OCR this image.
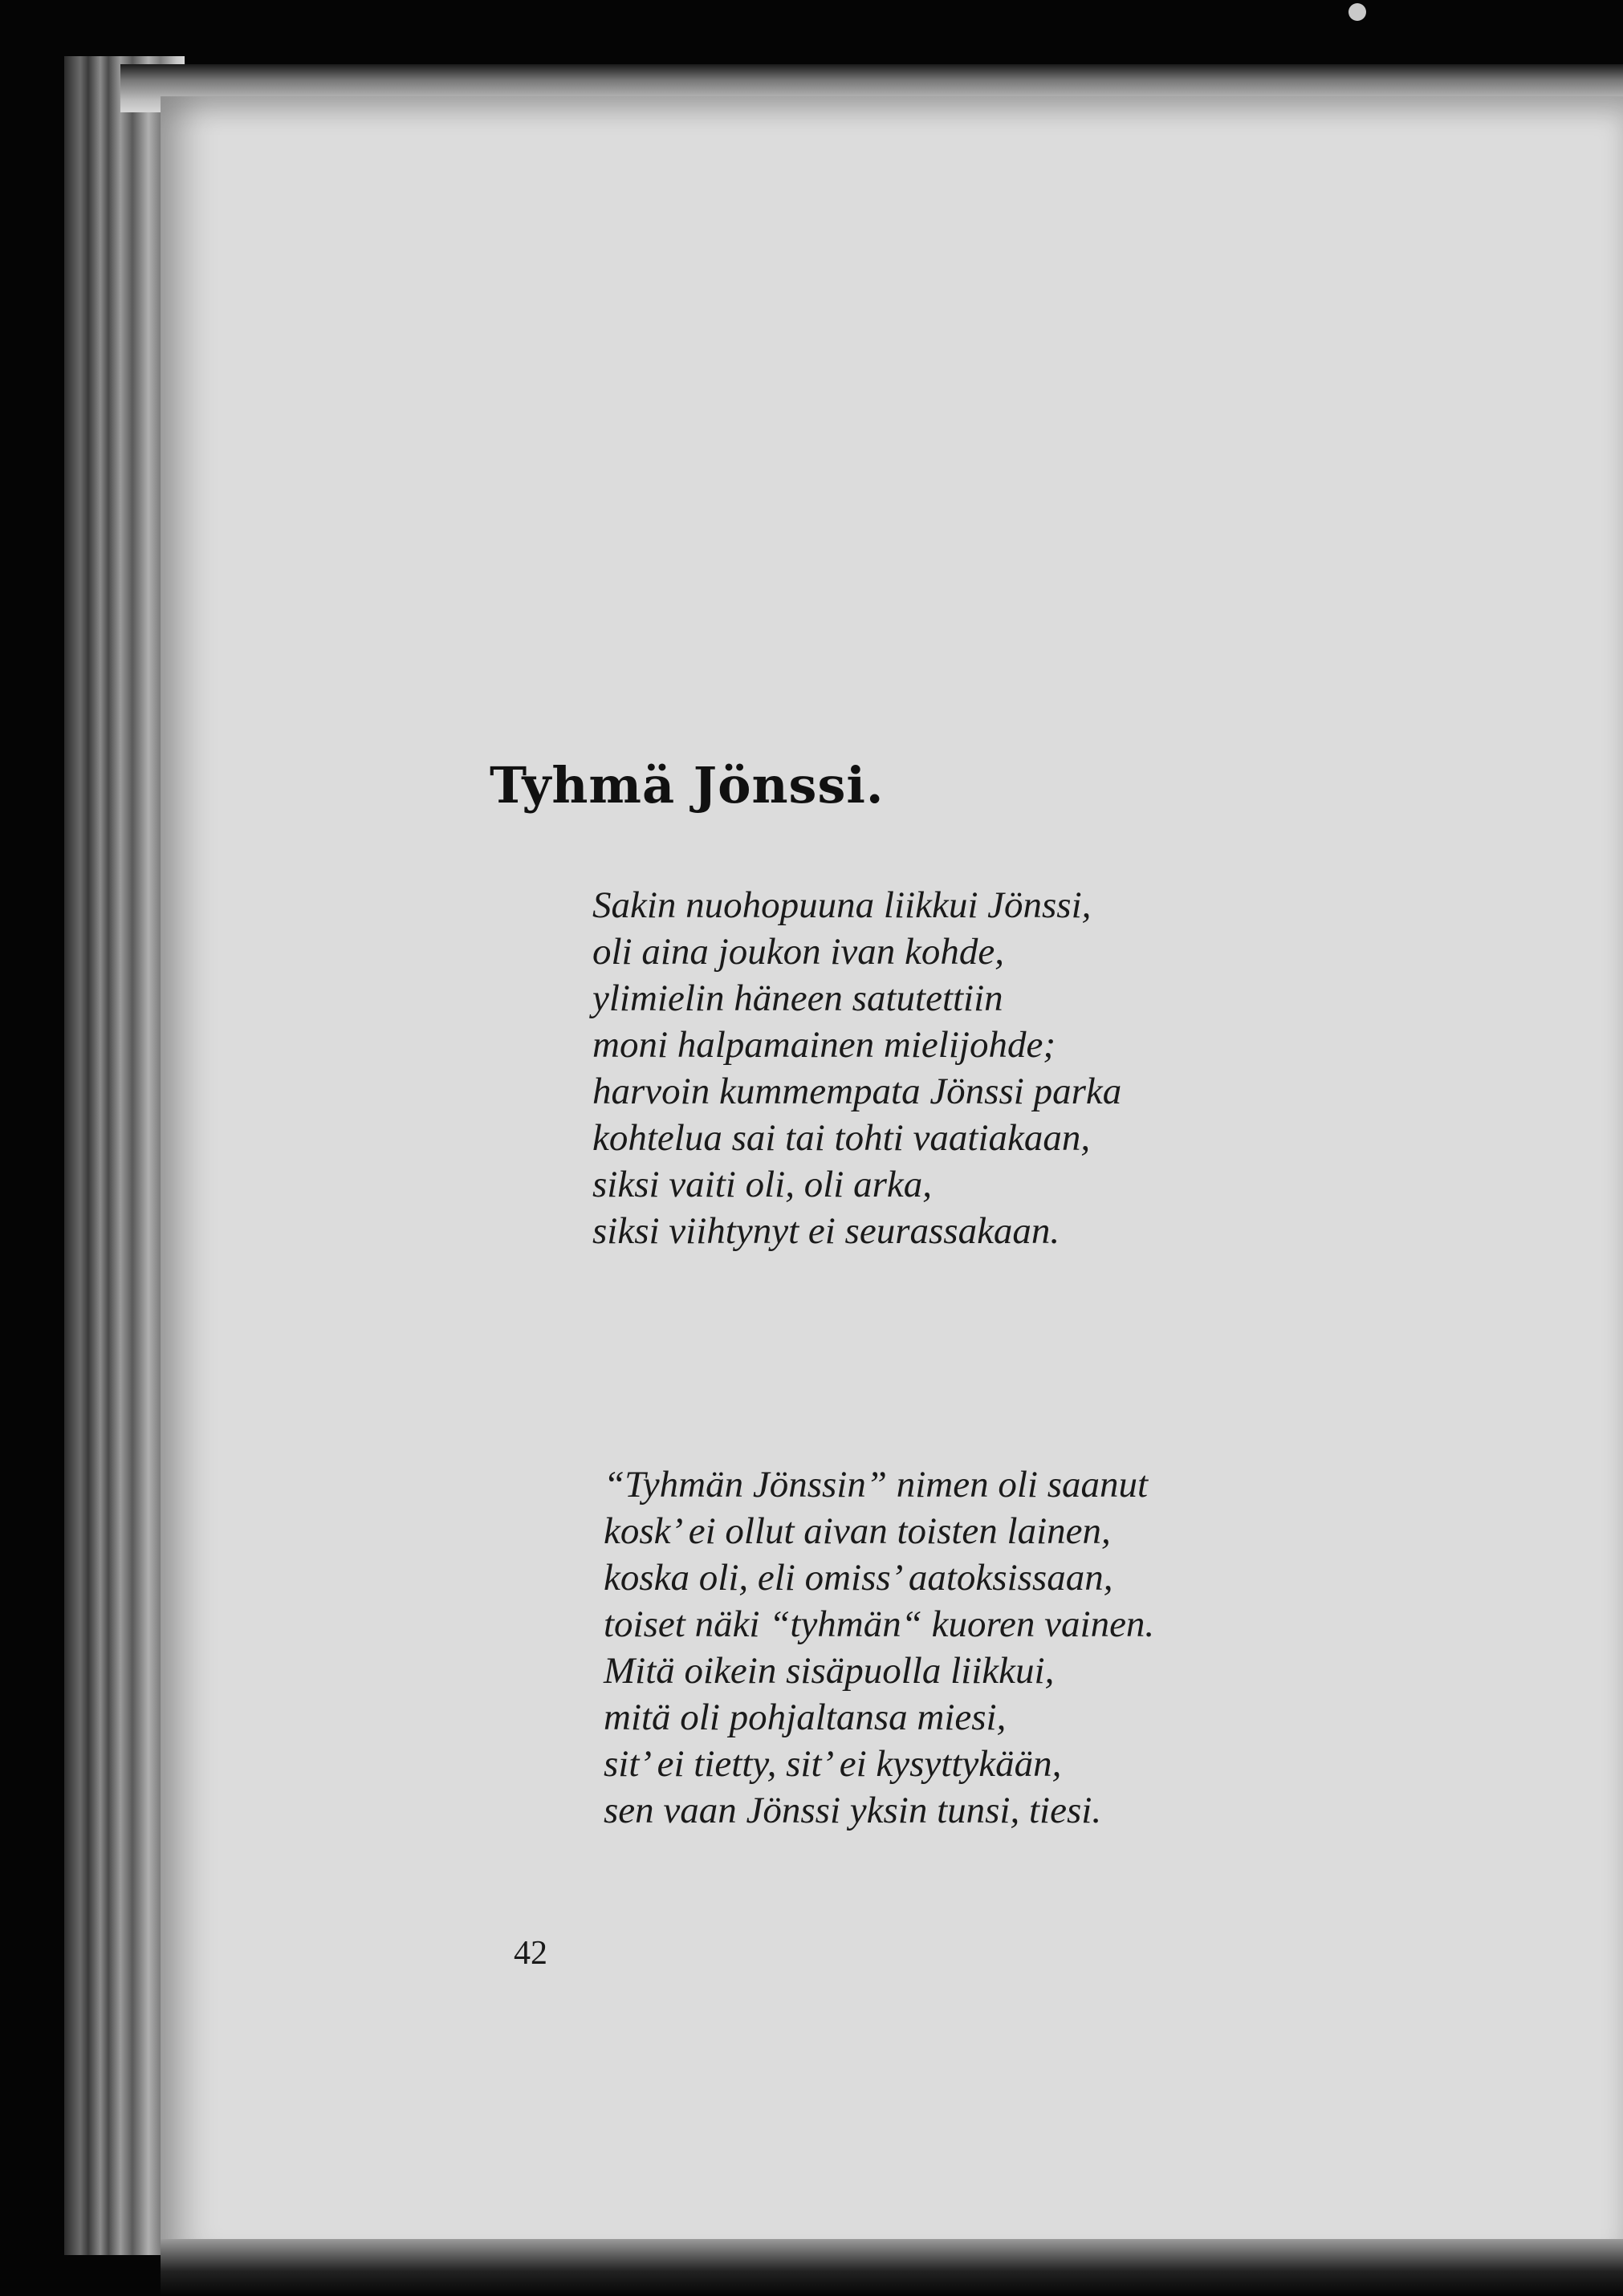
Tyhmä Jönssi.
Sakin nuohopuuna liikkui Jönssi,
oli aina joukon ivan kohde,
ylimielin häneen satutettiin
moni halpamainen mielijohde;
harvoin kummempata Jönssi parka
kohtelua sai tai tohti vaatiakaan,
siksi vaiti oli, oli arka,
siksi viihtynyt ei seurassakaan.
“Tyhmän Jönssin” nimen oli saanut
kosk’ ei ollut aivan toisten lainen,
koska oli, eli omiss’ aatoksissaan,
toiset näki “tyhmän“ kuoren vainen.
Mitä oikein sisäpuolla liikkui,
mitä oli pohjaltansa miesi,
sit’ ei tietty, sit’ ei kysyttykään,
sen vaan Jönssi yksin tunsi, tiesi.
42
